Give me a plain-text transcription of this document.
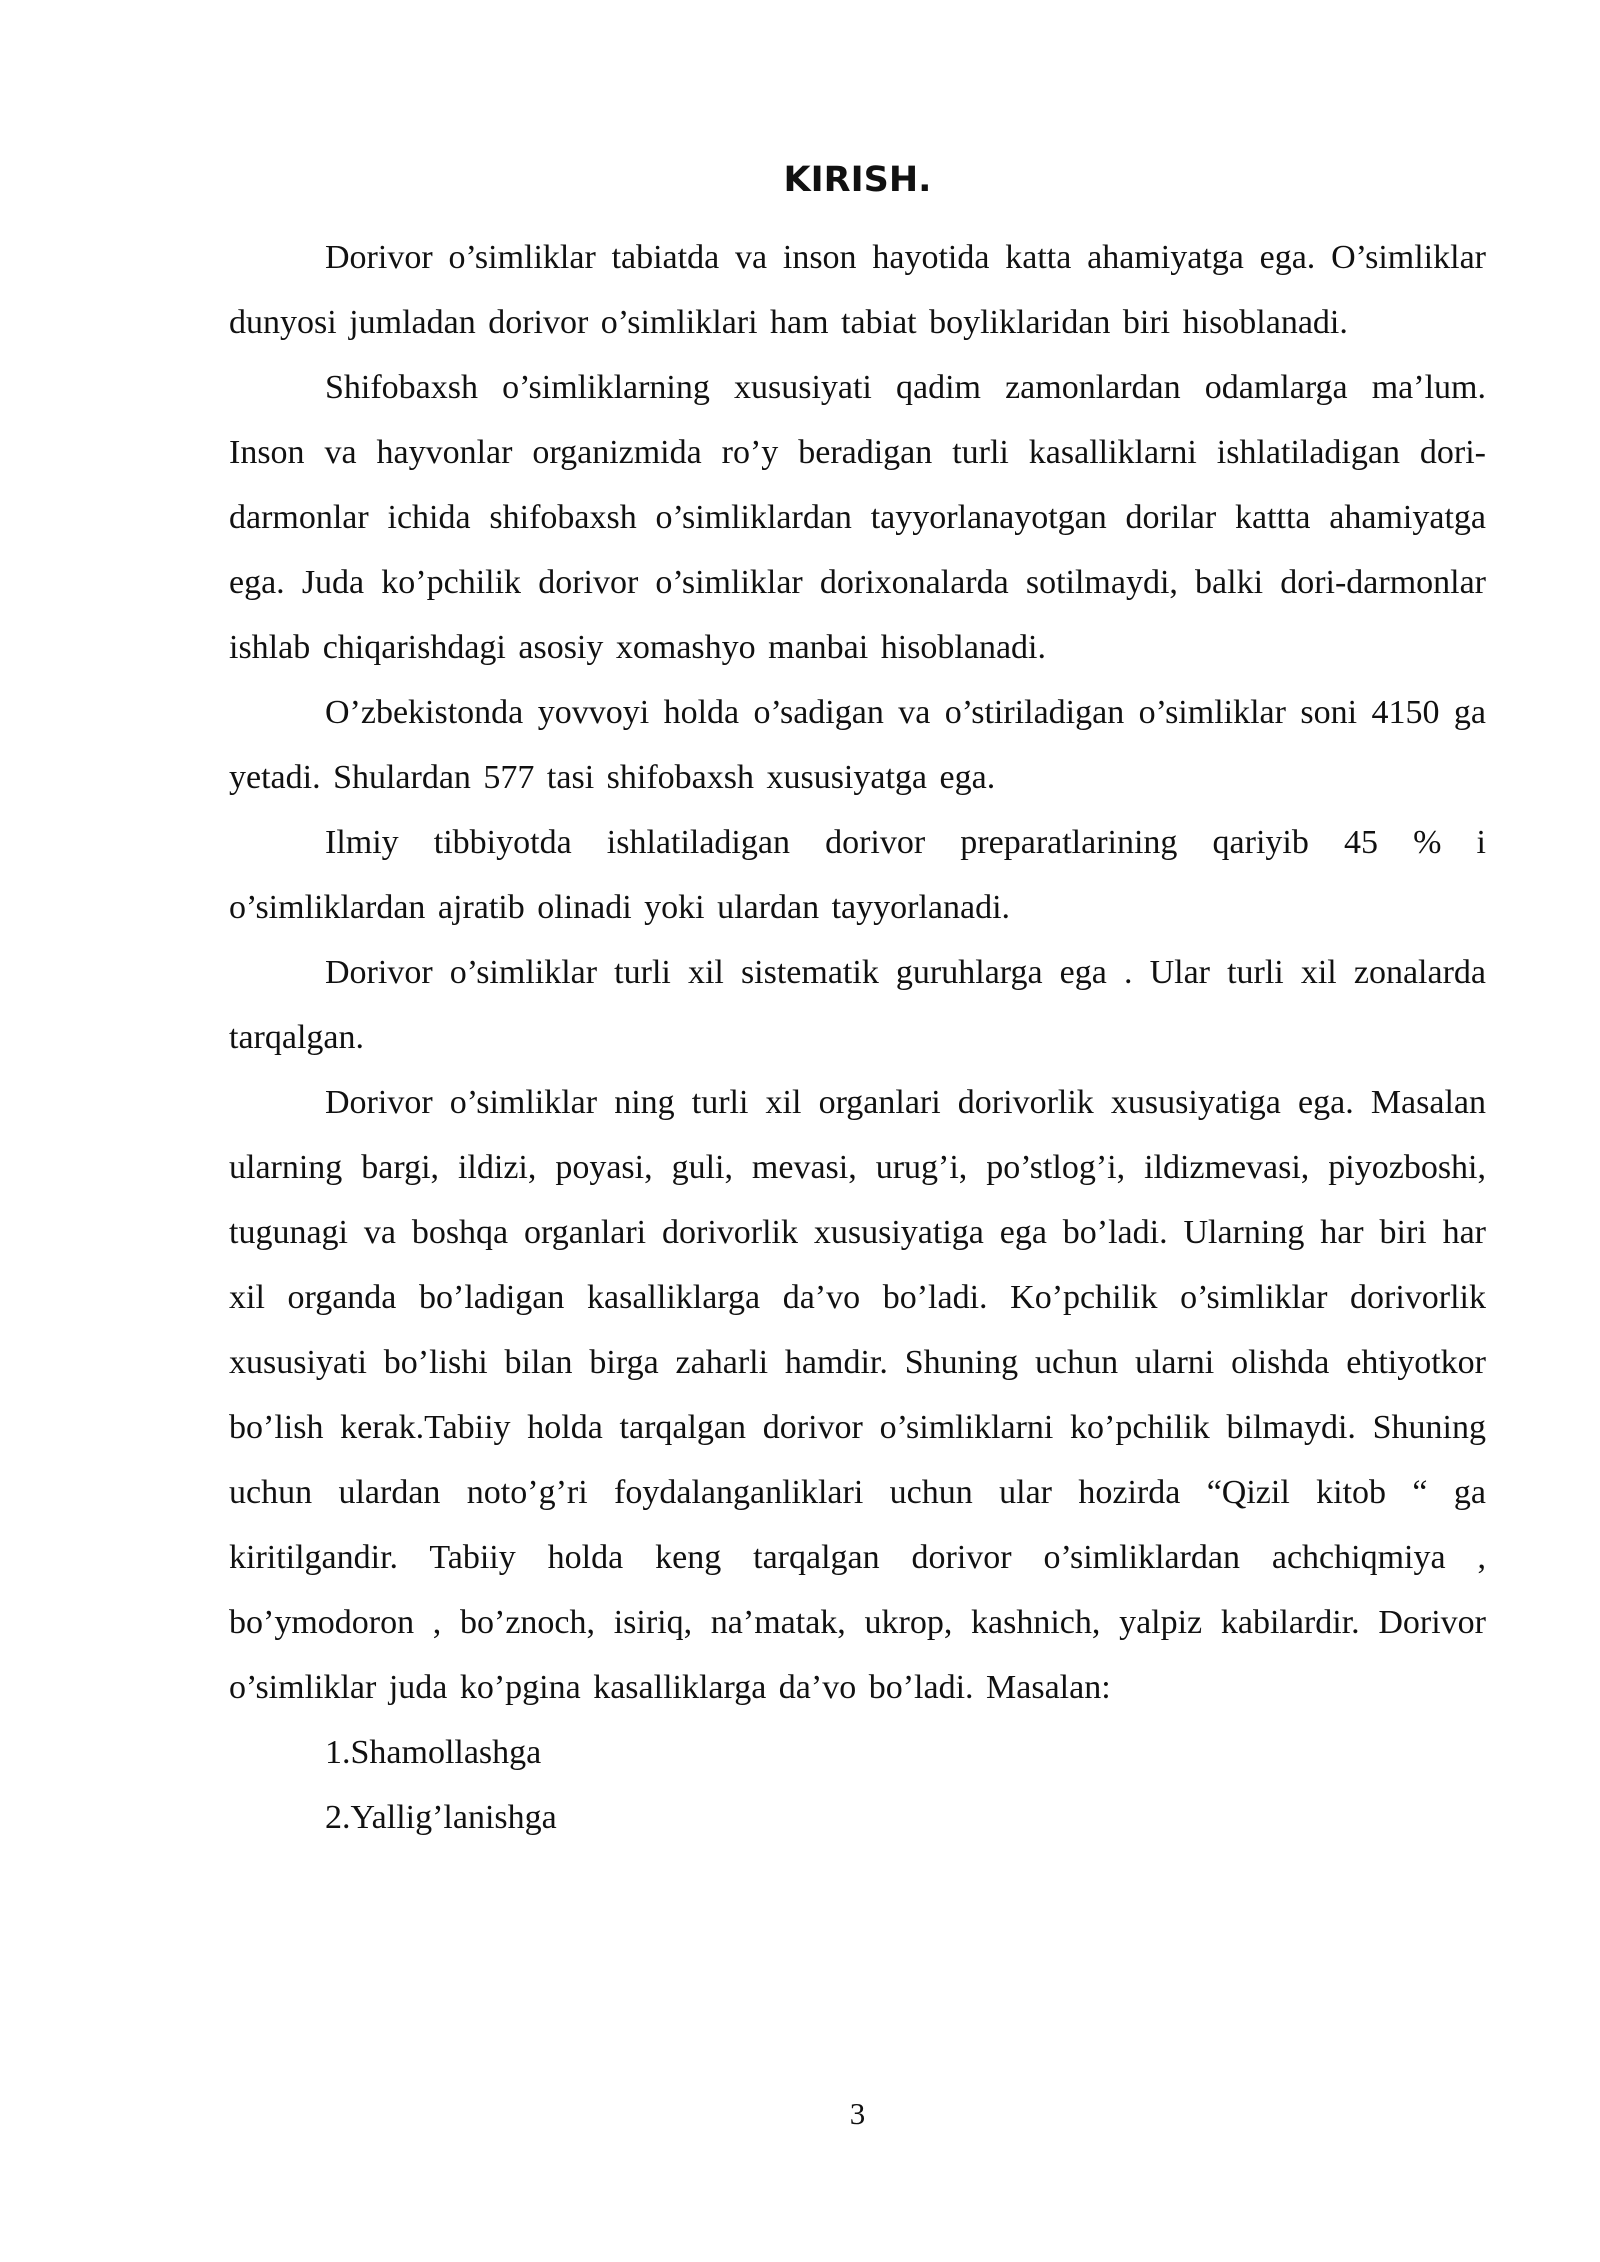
KIRISH.

Dorivor o’simliklar tabiatda va inson hayotida katta ahamiyatga ega. O’simliklar dunyosi jumladan dorivor o’simliklari ham tabiat boyliklaridan biri hisoblanadi.

Shifobaxsh o’simliklarning xususiyati qadim zamonlardan odamlarga ma’lum. Inson va hayvonlar organizmida ro’y beradigan turli kasalliklarni ishlatiladigan dori- darmonlar ichida shifobaxsh o’simliklardan tayyorlanayotgan dorilar kattta ahamiyatga ega. Juda ko’pchilik dorivor o’simliklar dorixonalarda sotilmaydi, balki dori-darmonlar ishlab chiqarishdagi asosiy xomashyo manbai hisoblanadi.

O’zbekistonda yovvoyi holda o’sadigan va o’stiriladigan o’simliklar soni 4150 ga yetadi. Shulardan 577 tasi shifobaxsh xususiyatga ega.

Ilmiy tibbiyotda ishlatiladigan dorivor preparatlarining qariyib 45 % i o’simliklardan ajratib olinadi yoki ulardan tayyorlanadi.

Dorivor o’simliklar turli xil sistematik guruhlarga ega . Ular turli xil zonalarda tarqalgan.

Dorivor o’simliklar ning turli xil organlari dorivorlik xususiyatiga ega. Masalan ularning bargi, ildizi, poyasi, guli, mevasi, urug’i, po’stlog’i, ildizmevasi, piyozboshi, tugunagi va boshqa organlari dorivorlik xususiyatiga ega bo’ladi. Ularning har biri har xil organda bo’ladigan kasalliklarga da’vo bo’ladi. Ko’pchilik o’simliklar dorivorlik xususiyati bo’lishi bilan birga zaharli hamdir. Shuning uchun ularni olishda ehtiyotkor bo’lish kerak.Tabiiy holda tarqalgan dorivor o’simliklarni ko’pchilik bilmaydi. Shuning uchun ulardan noto’g’ri foydalanganliklari uchun ular hozirda “Qizil kitob “ ga kiritilgandir. Tabiiy holda keng tarqalgan dorivor o’simliklardan achchiqmiya , bo’ymodoron , bo’znoch, isiriq, na’matak, ukrop, kashnich, yalpiz kabilardir. Dorivor o’simliklar juda ko’pgina kasalliklarga da’vo bo’ladi. Masalan:

1.Shamollashga

2.Yallig’lanishga

3
